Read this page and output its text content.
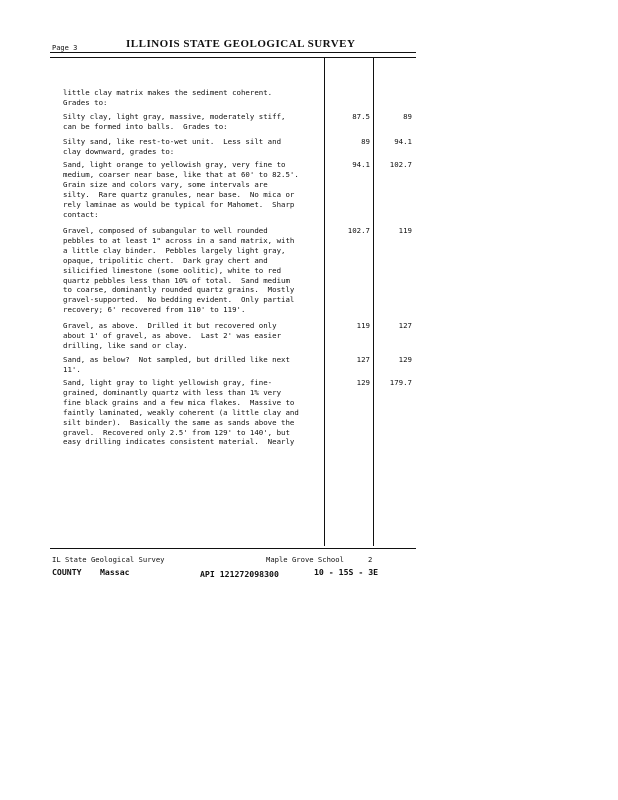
Page 3	ILLINOIS STATE GEOLOGICAL SURVEY
little clay matrix makes the sediment coherent.
Grades to:
Silty clay, light gray, massive, moderately stiff,
can be formed into balls.  Grades to:
87.5	89
Silty sand, like rest-to-wet unit.  Less silt and
clay downward, grades to:
89	94.1
Sand, light orange to yellowish gray, very fine to
medium, coarser near base, like that at 60' to 82.5'.
Grain size and colors vary, some intervals are
silty.  Rare quartz granules, near base.  No mica or
rely laminae as would be typical for Mahomet.  Sharp
contact:
94.1	102.7
Gravel, composed of subangular to well rounded
pebbles to at least 1" across in a sand matrix, with
a little clay binder.  Pebbles largely light gray,
opaque, tripolitic chert.  Dark gray chert and
silicified limestone (some oolitic), white to red
quartz pebbles less than 10% of total.  Sand medium
to coarse, dominantly rounded quartz grains.  Mostly
gravel-supported.  No bedding evident.  Only partial
recovery; 6' recovered from 110' to 119'.
102.7	119
Gravel, as above.  Drilled it but recovered only
about 1' of gravel, as above.  Last 2' was easier
drilling, like sand or clay.
119	127
Sand, as below?  Not sampled, but drilled like next
11'.
127	129
Sand, light gray to light yellowish gray, fine-
grained, dominantly quartz with less than 1% very
fine black grains and a few mica flakes.  Massive to
faintly laminated, weakly coherent (a little clay and
silt binder).  Basically the same as sands above the
gravel.  Recovered only 2.5' from 129' to 140', but
easy drilling indicates consistent material.  Nearly
129	179.7
IL State Geological Survey	Maple Grove School	2
COUNTY Massac	API 121272098300	10 - 15S - 3E
